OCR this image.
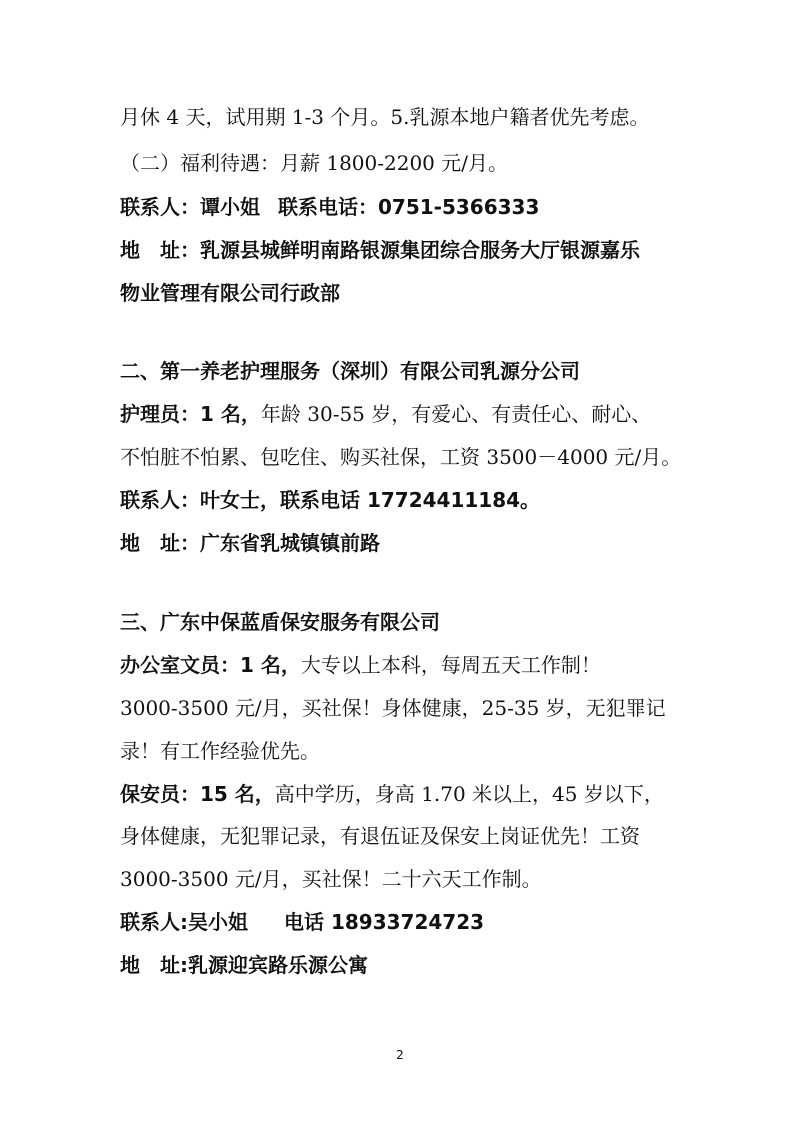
月休 4 天，试用期 1-3 个月。5.乳源本地户籍者优先考虑。
（二）福利待遇：月薪 1800-2200 元/月。
联系人：谭小姐 联系电话：0751-5366333
地　址：乳源县城鲜明南路银源集团综合服务大厅银源嘉乐
物业管理有限公司行政部
二、第一养老护理服务（深圳）有限公司乳源分公司
护理员：1 名，年龄 30-55 岁，有爱心、有责任心、耐心、
不怕脏不怕累、包吃住、购买社保，工资 3500－4000 元/月。
联系人：叶女士，联系电话 17724411184。
地　址：广东省乳城镇镇前路
三、广东中保蓝盾保安服务有限公司
办公室文员：1 名，大专以上本科，每周五天工作制！
3000-3500 元/月，买社保！身体健康，25-35 岁，无犯罪记
录！有工作经验优先。
保安员：15 名，高中学历，身高 1.70 米以上，45 岁以下，
身体健康，无犯罪记录，有退伍证及保安上岗证优先！工资
3000-3500 元/月，买社保！二十六天工作制。
联系人:吴小姐 电话 18933724723
地　址:乳源迎宾路乐源公寓
2
